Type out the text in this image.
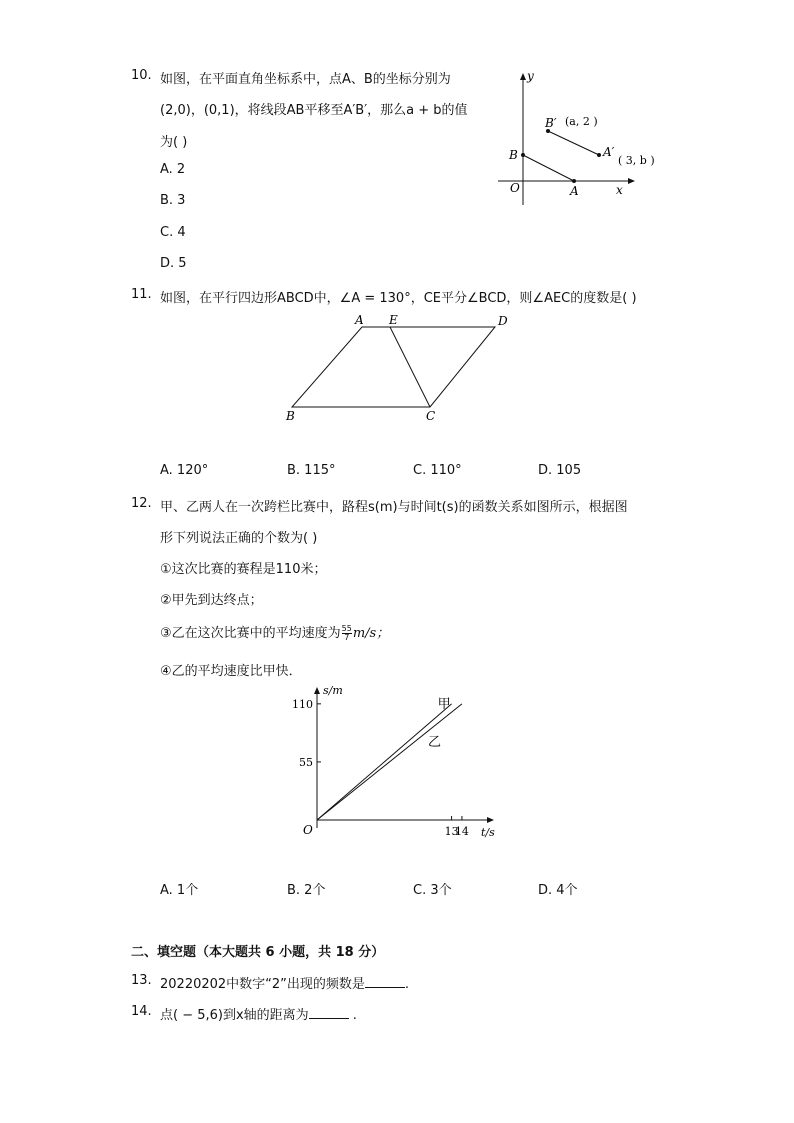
10. 如图，在平面直角坐标系中，点A、B的坐标分别为
(2,0)，(0,1)，将线段AB平移至A′B′，那么a + b的值
为( )
A. 2
B. 3
C. 4
D. 5
y
x
O	A
B
B′ (a, 2 )
A′
( 3, b )
11. 如图，在平行四边形ABCD中，∠A = 130°，CE平分∠BCD，则∠AEC的度数是( )
A E	D
B	C
A. 120°	B. 115°	C. 110°	D. 105
12. 甲、乙两人在一次跨栏比赛中，路程s(m)与时间t(s)的函数关系如图所示，根据图
形下列说法正确的个数为( )
①这次比赛的赛程是110米；
②甲先到达终点；
③乙在这次比赛中的平均速度为 $\frac{55}{7} m/s$；
④乙的平均速度比甲快．
s/m
t/s
O
55
110
13
14
甲
乙
A. 1个	B. 2个	C. 3个	D. 4个
二、填空题（本大题共 6 小题，共 18 分）
13. 20220202中数字“2”出现的频数是	.
14. 点( − 5,6)到x轴的距离为	.
